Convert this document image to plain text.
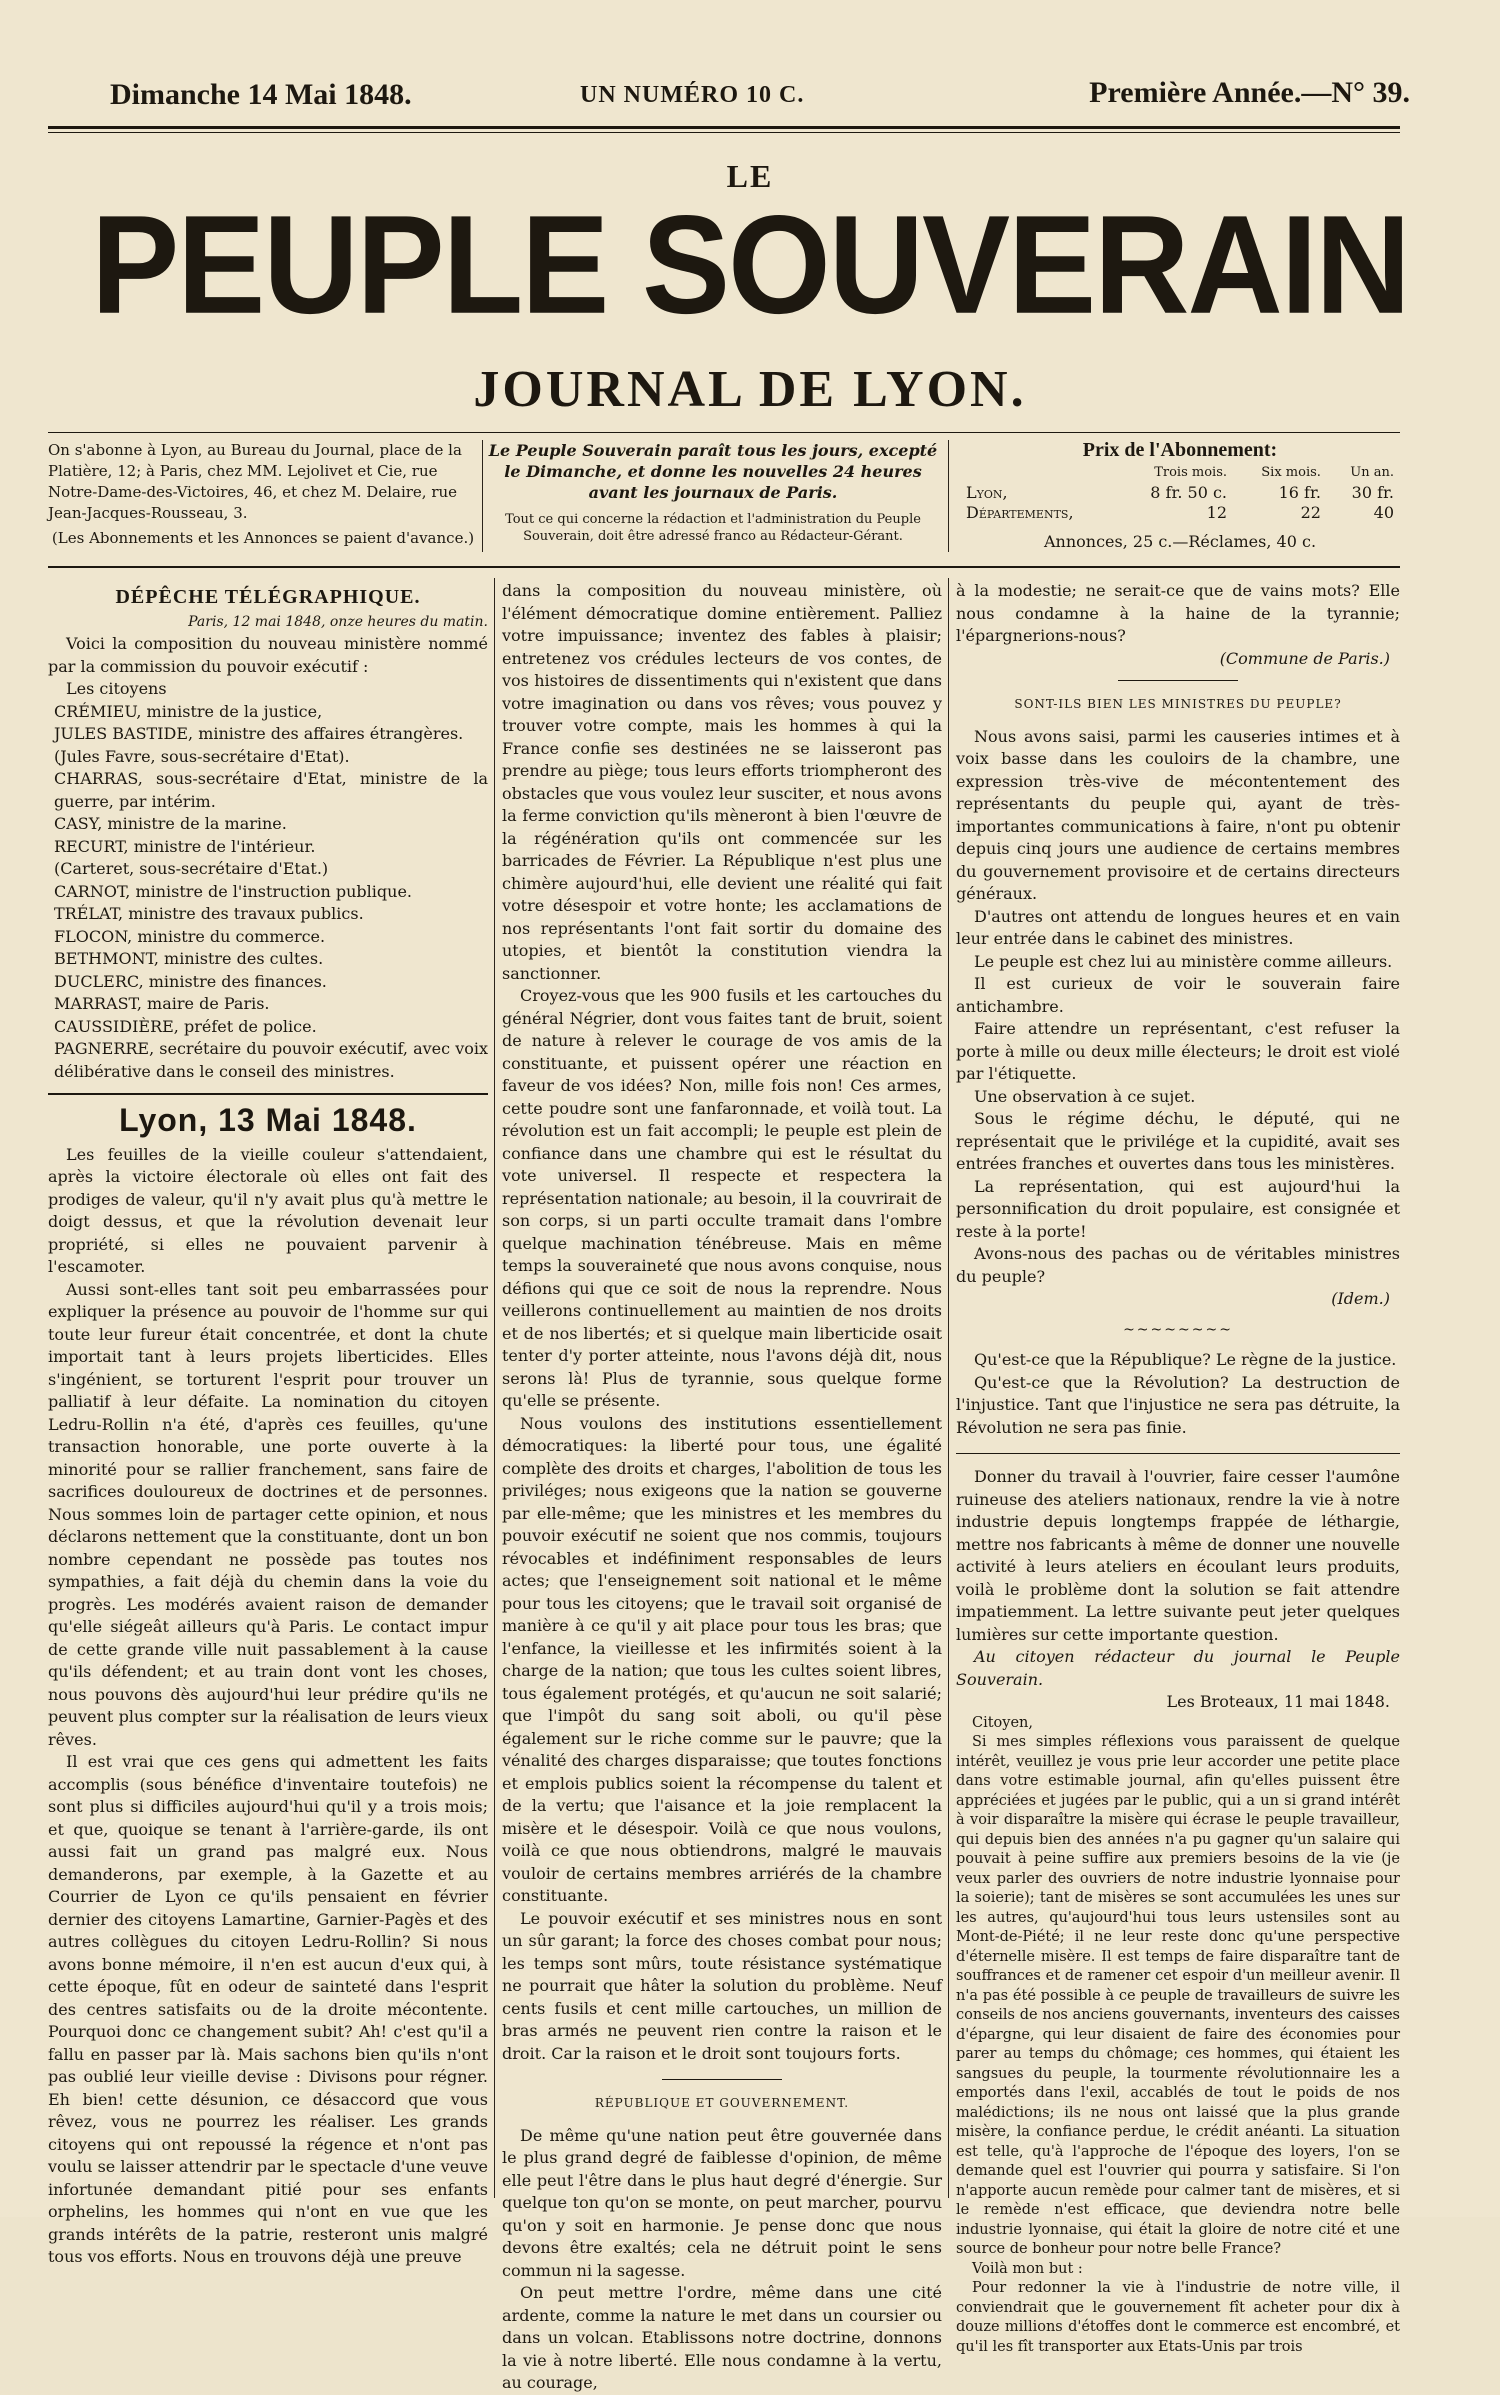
Dimanche 14 Mai 1848.	UN NUMÉRO 10 C.	Première Année.—N° 39.
LE
PEUPLE SOUVERAIN
JOURNAL DE LYON.
On s'abonne à Lyon, au Bureau du Journal, place de la Platière, 12; à Paris, chez MM. Lejolivet et Cie, rue Notre-Dame-des-Victoires, 46, et chez M. Delaire, rue Jean-Jacques-Rousseau, 3.
(Les Abonnements et les Annonces se paient d'avance.)
Le Peuple Souverain paraît tous les jours, excepté le Dimanche, et donne les nouvelles 24 heures avant les journaux de Paris.
Tout ce qui concerne la rédaction et l'administration du Peuple Souverain, doit être adressé franco au Rédacteur-Gérant.
Prix de l'Abonnement:
	Trois mois.	Six mois.	Un an.
Lyon,	8 fr. 50 c.	16 fr.	30 fr.
Départements,	12	22	40
Annonces, 25 c.—Réclames, 40 c.
DÉPÊCHE TÉLÉGRAPHIQUE.
Paris, 12 mai 1848, onze heures du matin.

Voici la composition du nouveau ministère nommé par la commission du pouvoir exécutif :

Les citoyens

CRÉMIEU, ministre de la justice,
JULES BASTIDE, ministre des affaires étrangères.
(Jules Favre, sous-secrétaire d'Etat).
CHARRAS, sous-secrétaire d'Etat, ministre de la guerre, par intérim.
CASY, ministre de la marine.
RECURT, ministre de l'intérieur.
(Carteret, sous-secrétaire d'Etat.)
CARNOT, ministre de l'instruction publique.
TRÉLAT, ministre des travaux publics.
FLOCON, ministre du commerce.
BETHMONT, ministre des cultes.
DUCLERC, ministre des finances.
MARRAST, maire de Paris.
CAUSSIDIÈRE, préfet de police.
PAGNERRE, secrétaire du pouvoir exécutif, avec voix délibérative dans le conseil des ministres.
Lyon, 13 Mai 1848.

Les feuilles de la vieille couleur s'attendaient, après la victoire électorale où elles ont fait des prodiges de valeur, qu'il n'y avait plus qu'à mettre le doigt dessus, et que la révolution devenait leur propriété, si elles ne pouvaient parvenir à l'escamoter.

Aussi sont-elles tant soit peu embarrassées pour expliquer la présence au pouvoir de l'homme sur qui toute leur fureur était concentrée, et dont la chute importait tant à leurs projets liberticides. Elles s'ingénient, se torturent l'esprit pour trouver un palliatif à leur défaite. La nomination du citoyen Ledru-Rollin n'a été, d'après ces feuilles, qu'une transaction honorable, une porte ouverte à la minorité pour se rallier franchement, sans faire de sacrifices douloureux de doctrines et de personnes. Nous sommes loin de partager cette opinion, et nous déclarons nettement que la constituante, dont un bon nombre cependant ne possède pas toutes nos sympathies, a fait déjà du chemin dans la voie du progrès. Les modérés avaient raison de demander qu'elle siégeât ailleurs qu'à Paris. Le contact impur de cette grande ville nuit passablement à la cause qu'ils défendent; et au train dont vont les choses, nous pouvons dès aujourd'hui leur prédire qu'ils ne peuvent plus compter sur la réalisation de leurs vieux rêves.

Il est vrai que ces gens qui admettent les faits accomplis (sous bénéfice d'inventaire toutefois) ne sont plus si difficiles aujourd'hui qu'il y a trois mois; et que, quoique se tenant à l'arrière-garde, ils ont aussi fait un grand pas malgré eux. Nous demanderons, par exemple, à la Gazette et au Courrier de Lyon ce qu'ils pensaient en février dernier des citoyens Lamartine, Garnier-Pagès et des autres collègues du citoyen Ledru-Rollin? Si nous avons bonne mémoire, il n'en est aucun d'eux qui, à cette époque, fût en odeur de sainteté dans l'esprit des centres satisfaits ou de la droite mécontente. Pourquoi donc ce changement subit? Ah! c'est qu'il a fallu en passer par là. Mais sachons bien qu'ils n'ont pas oublié leur vieille devise : Divisons pour régner. Eh bien! cette désunion, ce désaccord que vous rêvez, vous ne pourrez les réaliser. Les grands citoyens qui ont repoussé la régence et n'ont pas voulu se laisser attendrir par le spectacle d'une veuve infortunée demandant pitié pour ses enfants orphelins, les hommes qui n'ont en vue que les grands intérêts de la patrie, resteront unis malgré tous vos efforts. Nous en trouvons déjà une preuve

dans la composition du nouveau ministère, où l'élément démocratique domine entièrement. Palliez votre impuissance; inventez des fables à plaisir; entretenez vos crédules lecteurs de vos contes, de vos histoires de dissentiments qui n'existent que dans votre imagination ou dans vos rêves; vous pouvez y trouver votre compte, mais les hommes à qui la France confie ses destinées ne se laisseront pas prendre au piège; tous leurs efforts triompheront des obstacles que vous voulez leur susciter, et nous avons la ferme conviction qu'ils mèneront à bien l'œuvre de la régénération qu'ils ont commencée sur les barricades de Février. La République n'est plus une chimère aujourd'hui, elle devient une réalité qui fait votre désespoir et votre honte; les acclamations de nos représentants l'ont fait sortir du domaine des utopies, et bientôt la constitution viendra la sanctionner.

Croyez-vous que les 900 fusils et les cartouches du général Négrier, dont vous faites tant de bruit, soient de nature à relever le courage de vos amis de la constituante, et puissent opérer une réaction en faveur de vos idées? Non, mille fois non! Ces armes, cette poudre sont une fanfaronnade, et voilà tout. La révolution est un fait accompli; le peuple est plein de confiance dans une chambre qui est le résultat du vote universel. Il respecte et respectera la représentation nationale; au besoin, il la couvrirait de son corps, si un parti occulte tramait dans l'ombre quelque machination ténébreuse. Mais en même temps la souveraineté que nous avons conquise, nous défions qui que ce soit de nous la reprendre. Nous veillerons continuellement au maintien de nos droits et de nos libertés; et si quelque main liberticide osait tenter d'y porter atteinte, nous l'avons déjà dit, nous serons là! Plus de tyrannie, sous quelque forme qu'elle se présente.

Nous voulons des institutions essentiellement démocratiques: la liberté pour tous, une égalité complète des droits et charges, l'abolition de tous les priviléges; nous exigeons que la nation se gouverne par elle-même; que les ministres et les membres du pouvoir exécutif ne soient que nos commis, toujours révocables et indéfiniment responsables de leurs actes; que l'enseignement soit national et le même pour tous les citoyens; que le travail soit organisé de manière à ce qu'il y ait place pour tous les bras; que l'enfance, la vieillesse et les infirmités soient à la charge de la nation; que tous les cultes soient libres, tous également protégés, et qu'aucun ne soit salarié; que l'impôt du sang soit aboli, ou qu'il pèse également sur le riche comme sur le pauvre; que la vénalité des charges disparaisse; que toutes fonctions et emplois publics soient la récompense du talent et de la vertu; que l'aisance et la joie remplacent la misère et le désespoir. Voilà ce que nous voulons, voilà ce que nous obtiendrons, malgré le mauvais vouloir de certains membres arriérés de la chambre constituante.

Le pouvoir exécutif et ses ministres nous en sont un sûr garant; la force des choses combat pour nous; les temps sont mûrs, toute résistance systématique ne pourrait que hâter la solution du problème. Neuf cents fusils et cent mille cartouches, un million de bras armés ne peuvent rien contre la raison et le droit. Car la raison et le droit sont toujours forts.

RÉPUBLIQUE ET GOUVERNEMENT.

De même qu'une nation peut être gouvernée dans le plus grand degré de faiblesse d'opinion, de même elle peut l'être dans le plus haut degré d'énergie. Sur quelque ton qu'on se monte, on peut marcher, pourvu qu'on y soit en harmonie. Je pense donc que nous devons être exaltés; cela ne détruit point le sens commun ni la sagesse.

On peut mettre l'ordre, même dans une cité ardente, comme la nature le met dans un coursier ou dans un volcan. Etablissons notre doctrine, donnons la vie à notre liberté. Elle nous condamne à la vertu, au courage,

à la modestie; ne serait-ce que de vains mots? Elle nous condamne à la haine de la tyrannie; l'épargnerions-nous?

(Commune de Paris.)
SONT-ILS BIEN LES MINISTRES DU PEUPLE?

Nous avons saisi, parmi les causeries intimes et à voix basse dans les couloirs de la chambre, une expression très-vive de mécontentement des représentants du peuple qui, ayant de très-importantes communications à faire, n'ont pu obtenir depuis cinq jours une audience de certains membres du gouvernement provisoire et de certains directeurs généraux.

D'autres ont attendu de longues heures et en vain leur entrée dans le cabinet des ministres.

Le peuple est chez lui au ministère comme ailleurs.

Il est curieux de voir le souverain faire antichambre.

Faire attendre un représentant, c'est refuser la porte à mille ou deux mille électeurs; le droit est violé par l'étiquette.

Une observation à ce sujet.

Sous le régime déchu, le député, qui ne représentait que le privilége et la cupidité, avait ses entrées franches et ouvertes dans tous les ministères.

La représentation, qui est aujourd'hui la personnification du droit populaire, est consignée et reste à la porte!

Avons-nous des pachas ou de véritables ministres du peuple?

(Idem.)
~~~~~~~~

Qu'est-ce que la République? Le règne de la justice.

Qu'est-ce que la Révolution? La destruction de l'injustice. Tant que l'injustice ne sera pas détruite, la Révolution ne sera pas finie.

Donner du travail à l'ouvrier, faire cesser l'aumône ruineuse des ateliers nationaux, rendre la vie à notre industrie depuis longtemps frappée de léthargie, mettre nos fabricants à même de donner une nouvelle activité à leurs ateliers en écoulant leurs produits, voilà le problème dont la solution se fait attendre impatiemment. La lettre suivante peut jeter quelques lumières sur cette importante question.

Au citoyen rédacteur du journal le Peuple Souverain.

Les Broteaux, 11 mai 1848.

Citoyen,

Si mes simples réflexions vous paraissent de quelque intérêt, veuillez je vous prie leur accorder une petite place dans votre estimable journal, afin qu'elles puissent être appréciées et jugées par le public, qui a un si grand intérêt à voir disparaître la misère qui écrase le peuple travailleur, qui depuis bien des années n'a pu gagner qu'un salaire qui pouvait à peine suffire aux premiers besoins de la vie (je veux parler des ouvriers de notre industrie lyonnaise pour la soierie); tant de misères se sont accumulées les unes sur les autres, qu'aujourd'hui tous leurs ustensiles sont au Mont-de-Piété; il ne leur reste donc qu'une perspective d'éternelle misère. Il est temps de faire disparaître tant de souffrances et de ramener cet espoir d'un meilleur avenir. Il n'a pas été possible à ce peuple de travailleurs de suivre les conseils de nos anciens gouvernants, inventeurs des caisses d'épargne, qui leur disaient de faire des économies pour parer au temps du chômage; ces hommes, qui étaient les sangsues du peuple, la tourmente révolutionnaire les a emportés dans l'exil, accablés de tout le poids de nos malédictions; ils ne nous ont laissé que la plus grande misère, la confiance perdue, le crédit anéanti. La situation est telle, qu'à l'approche de l'époque des loyers, l'on se demande quel est l'ouvrier qui pourra y satisfaire. Si l'on n'apporte aucun remède pour calmer tant de misères, et si le remède n'est efficace, que deviendra notre belle industrie lyonnaise, qui était la gloire de notre cité et une source de bonheur pour notre belle France?

Voilà mon but :

Pour redonner la vie à l'industrie de notre ville, il conviendrait que le gouvernement fît acheter pour dix à douze millions d'étoffes dont le commerce est encombré, et qu'il les fît transporter aux Etats-Unis par trois
